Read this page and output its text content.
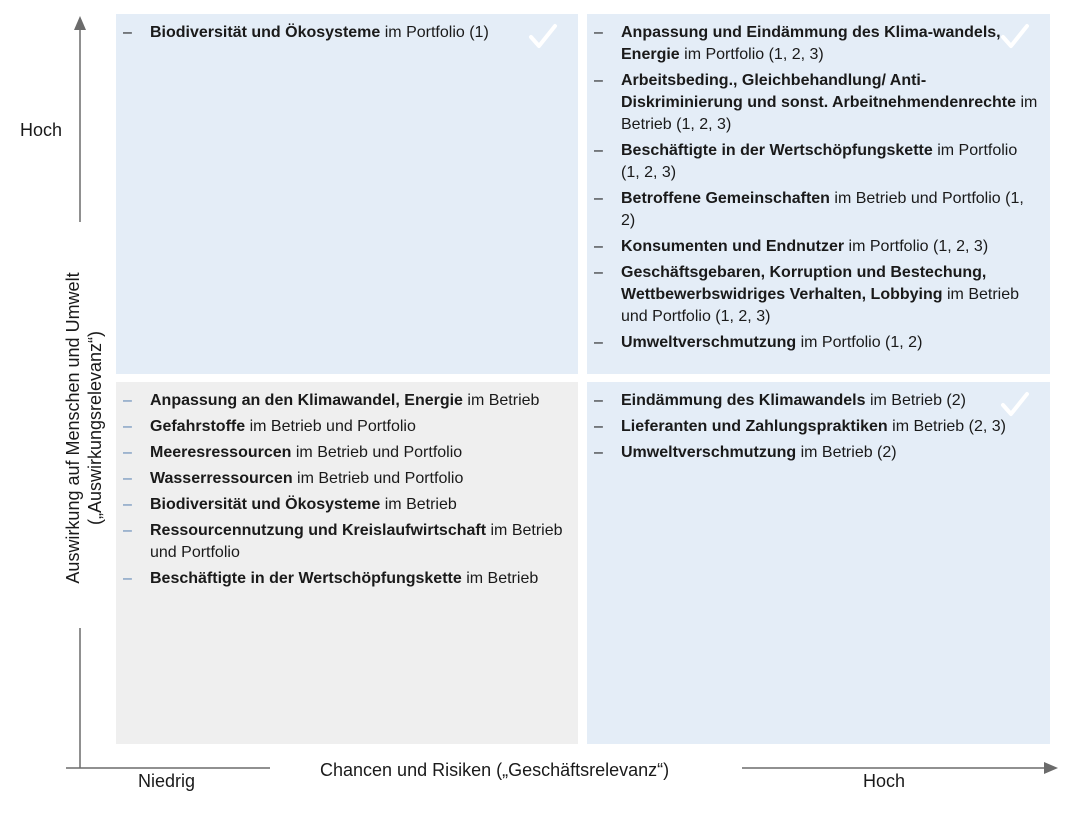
Hoch
Auswirkung auf Menschen und Umwelt („Auswirkungsrelevanz“)
Niedrig
Chancen und Risiken („Geschäftsrelevanz“)
Hoch
– Biodiversität und Ökosysteme im Portfolio (1)	– Anpassung und Eindämmung des Klima-wandels, Energie im Portfolio (1, 2, 3)
– Arbeitsbeding., Gleichbehandlung/ Anti-Diskriminierung und sonst. Arbeitnehmendenrechte im Betrieb (1, 2, 3)
– Beschäftigte in der Wertschöpfungskette im Portfolio (1, 2, 3)
– Betroffene Gemeinschaften im Betrieb und Portfolio (1, 2)
– Konsumenten und Endnutzer im Portfolio (1, 2, 3)
– Geschäftsgebaren, Korruption und Bestechung, Wettbewerbswidriges Verhalten, Lobbying im Betrieb und Portfolio (1, 2, 3)
– Umweltverschmutzung im Portfolio (1, 2)
– Anpassung an den Klimawandel, Energie im Betrieb
– Gefahrstoffe im Betrieb und Portfolio
– Meeresressourcen im Betrieb und Portfolio
– Wasserressourcen im Betrieb und Portfolio
– Biodiversität und Ökosysteme im Betrieb
– Ressourcennutzung und Kreislaufwirtschaft im Betrieb und Portfolio
– Beschäftigte in der Wertschöpfungskette im Betrieb
– Eindämmung des Klimawandels im Betrieb (2)
– Lieferanten und Zahlungspraktiken im Betrieb (2, 3)
– Umweltverschmutzung im Betrieb (2)
